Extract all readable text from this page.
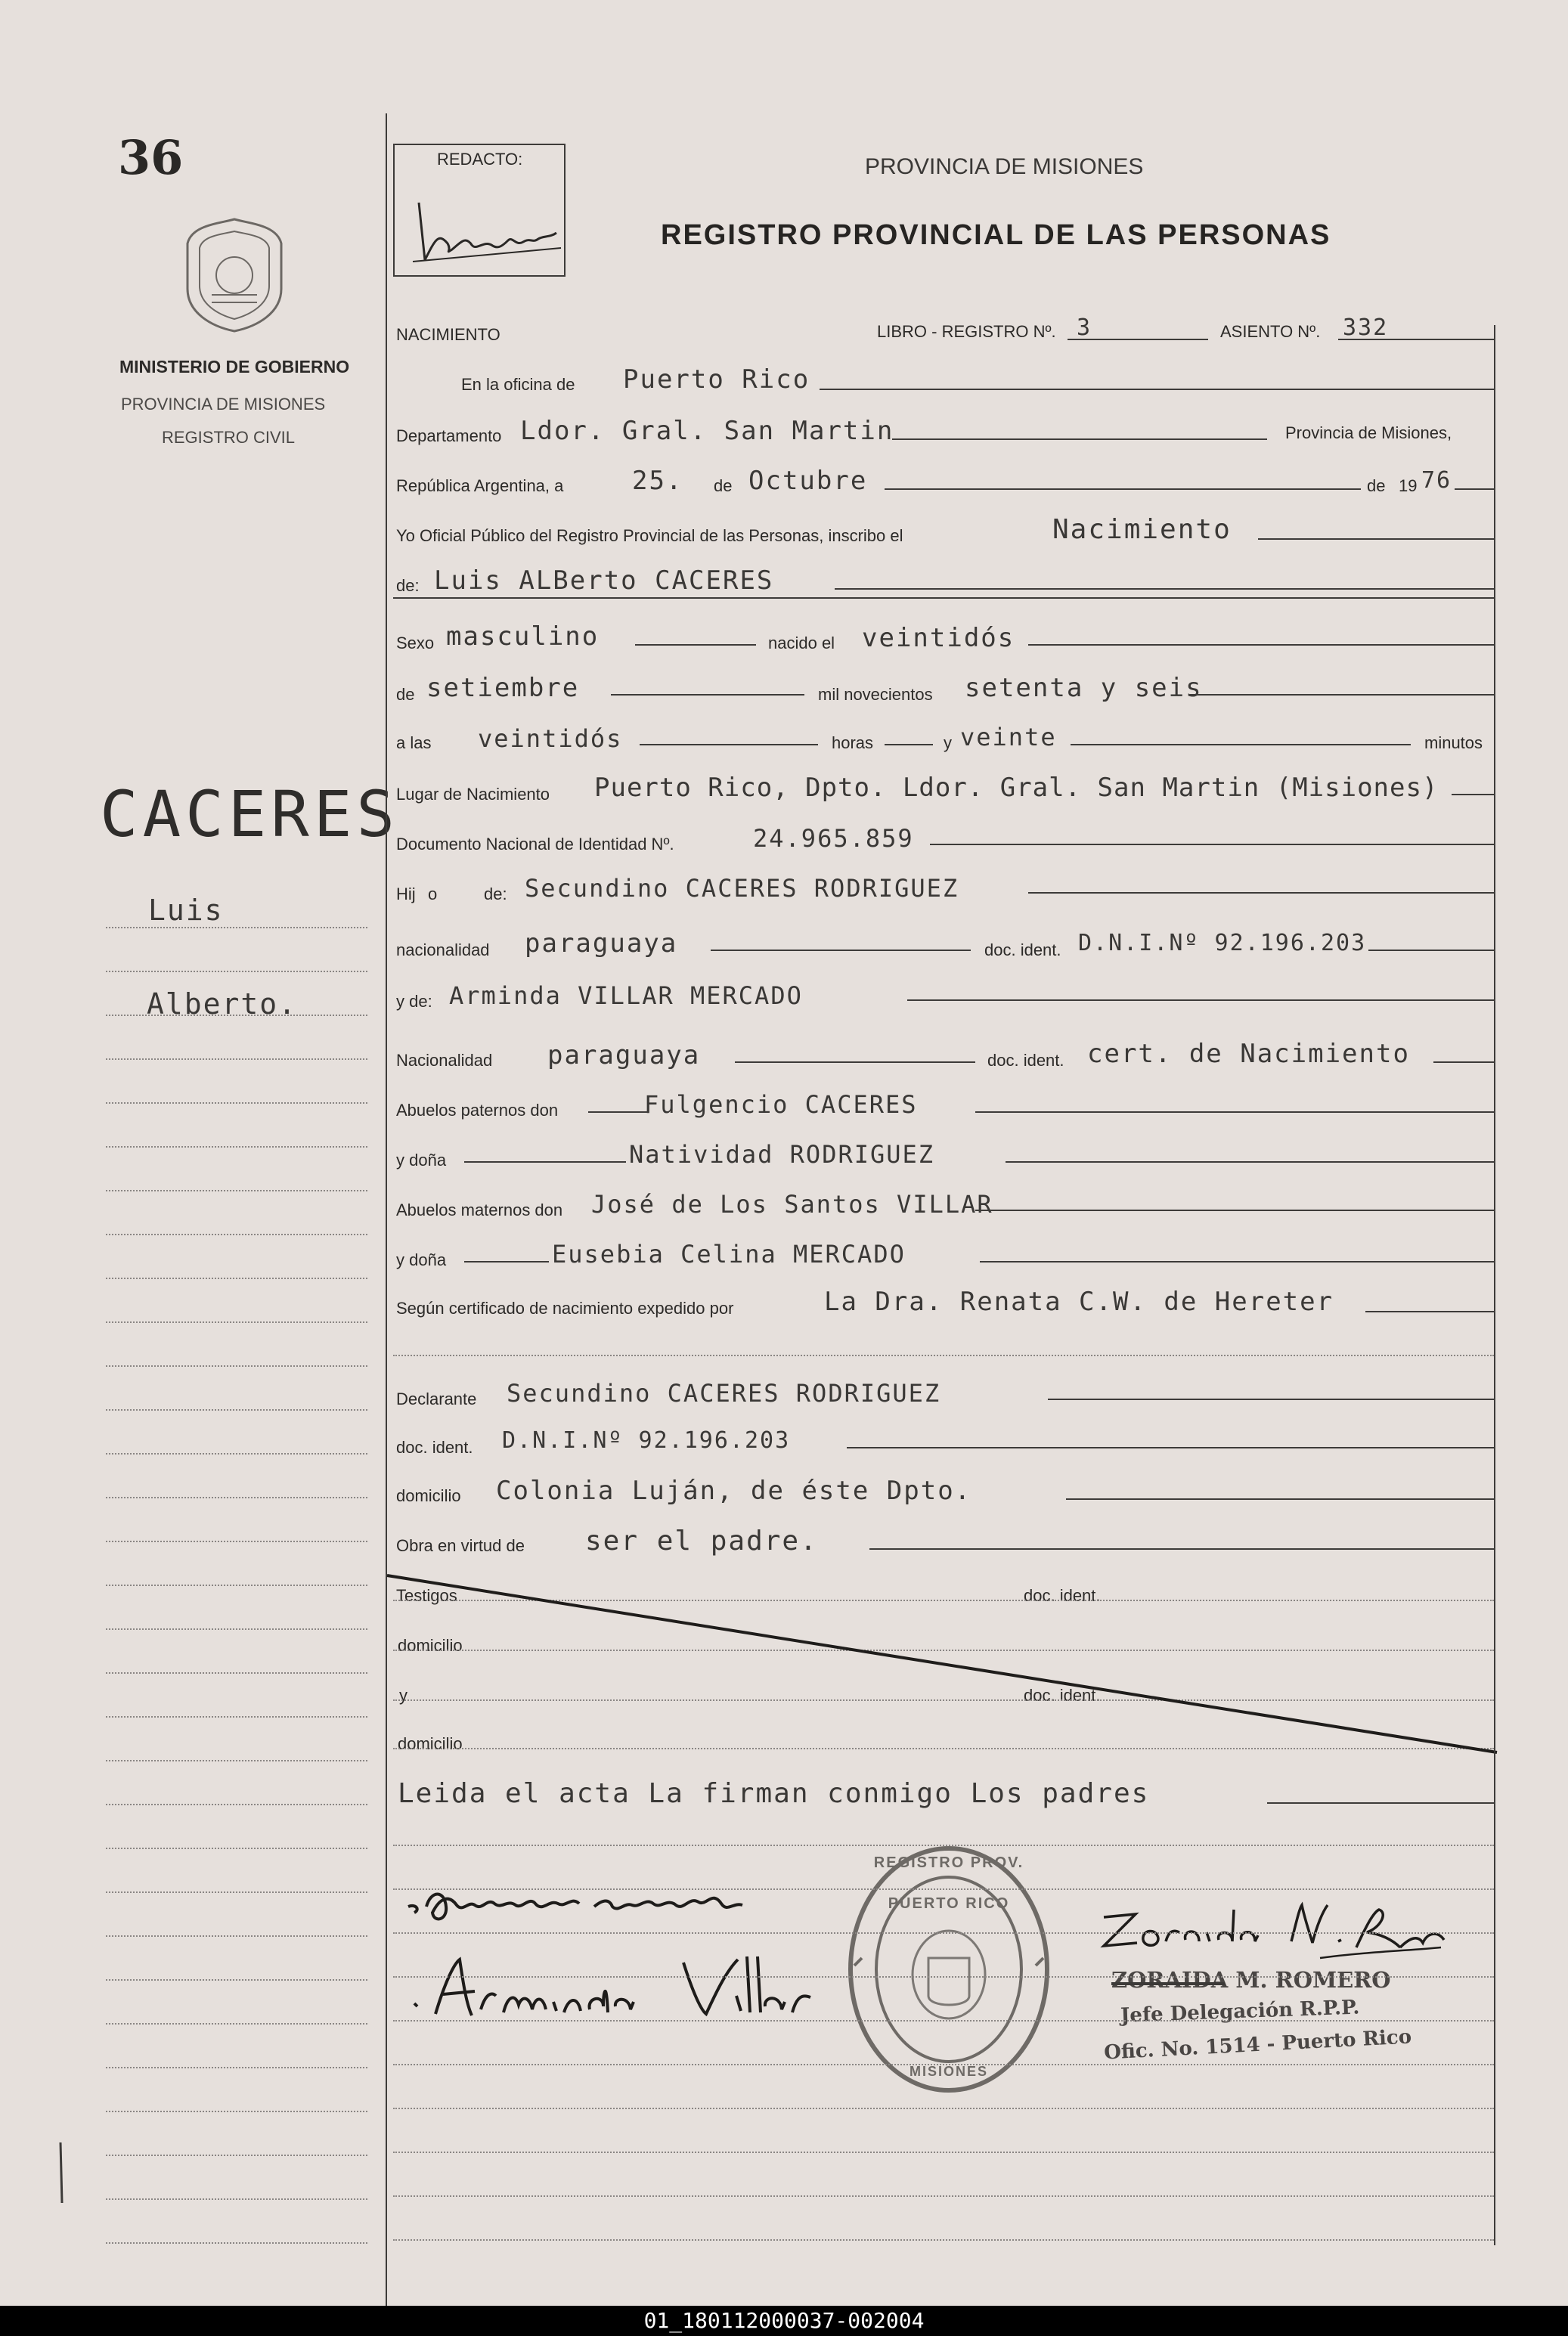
36
MINISTERIO DE GOBIERNO
PROVINCIA DE MISIONES
REGISTRO CIVIL
CACERES
Luis
Alberto.
REDACTO:	PROVINCIA DE MISIONES
REGISTRO PROVINCIAL DE LAS PERSONAS
NACIMIENTO	LIBRO - REGISTRO Nº. 3	ASIENTO Nº. 332
En la oficina de Puerto Rico
Departamento Ldor. Gral. San Martin	Provincia de Misiones,
República Argentina, a	25. de Octubre	de 19 76
Yo Oficial Público del Registro Provincial de las Personas, inscribo el	Nacimiento
de: Luis ALBerto CACERES
Sexo masculino	nacido el veintidós
de setiembre	mil novecientos setenta y seis
a las veintidós	horas	y veinte	minutos
Lugar de Nacimiento Puerto Rico, Dpto. Ldor. Gral. San Martin (Misiones)
Documento Nacional de Identidad Nº.	24.965.859
Hij o	de: Secundino CACERES RODRIGUEZ
nacionalidad paraguaya	doc. ident. D.N.I.Nº 92.196.203
y de: Arminda VILLAR MERCADO
Nacionalidad paraguaya	doc. ident. cert. de Nacimiento
Abuelos paternos don	Fulgencio CACERES
y doña	Natividad RODRIGUEZ
Abuelos maternos don José de Los Santos VILLAR
y doña	Eusebia Celina MERCADO
Según certificado de nacimiento expedido por	La Dra. Renata C.W. de Hereter
Declarante Secundino CACERES RODRIGUEZ
doc. ident. D.N.I.Nº 92.196.203
domicilio Colonia Luján, de éste Dpto.
Obra en virtud de ser el padre.
Testigos	doc. ident.
domicilio
y	doc. ident.
domicilio
Leida el acta La firman conmigo Los padres
REGISTRO PROV.
PUERTO RICO
MISIONES
ZORAIDA M. ROMERO
Jefe Delegación R.P.P.
Ofic. No. 1514 - Puerto Rico
01_180112000037-002004
